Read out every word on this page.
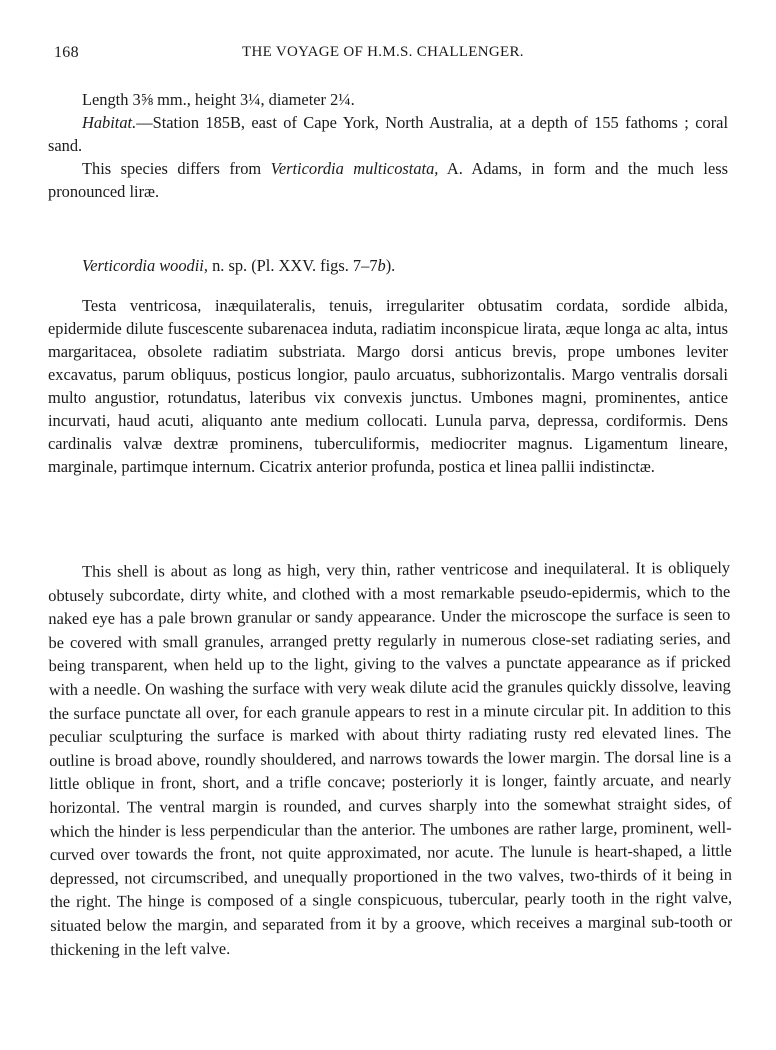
168	THE VOYAGE OF H.M.S. CHALLENGER.

Length 3⅝ mm., height 3¼, diameter 2¼.

Habitat.—Station 185B, east of Cape York, North Australia, at a depth of 155 fathoms ; coral sand.

This species differs from Verticordia multicostata, A. Adams, in form and the much less pronounced liræ.

Verticordia woodii, n. sp. (Pl. XXV. figs. 7–7b).

Testa ventricosa, inæquilateralis, tenuis, irregulariter obtusatim cordata, sordide albida, epidermide dilute fuscescente subarenacea induta, radiatim inconspicue lirata, æque longa ac alta, intus margaritacea, obsolete radiatim substriata. Margo dorsi anticus brevis, prope umbones leviter excavatus, parum obliquus, posticus longior, paulo arcuatus, subhorizontalis. Margo ventralis dorsali multo angustior, rotundatus, lateribus vix convexis junctus. Umbones magni, prominentes, antice incurvati, haud acuti, aliquanto ante medium collocati. Lunula parva, depressa, cordiformis. Dens cardinalis valvæ dextræ prominens, tuberculiformis, mediocriter magnus. Ligamentum lineare, marginale, partimque internum. Cicatrix anterior profunda, postica et linea pallii indistinctæ.

This shell is about as long as high, very thin, rather ventricose and inequilateral. It is obliquely obtusely subcordate, dirty white, and clothed with a most remarkable pseudo-epidermis, which to the naked eye has a pale brown granular or sandy appearance. Under the microscope the surface is seen to be covered with small granules, arranged pretty regularly in numerous close-set radiating series, and being transparent, when held up to the light, giving to the valves a punctate appearance as if pricked with a needle. On washing the surface with very weak dilute acid the granules quickly dissolve, leaving the surface punctate all over, for each granule appears to rest in a minute circular pit. In addition to this peculiar sculpturing the surface is marked with about thirty radiating rusty red elevated lines. The outline is broad above, roundly shouldered, and narrows towards the lower margin. The dorsal line is a little oblique in front, short, and a trifle concave; posteriorly it is longer, faintly arcuate, and nearly horizontal. The ventral margin is rounded, and curves sharply into the somewhat straight sides, of which the hinder is less perpendicular than the anterior. The umbones are rather large, prominent, well-curved over towards the front, not quite approximated, nor acute. The lunule is heart-shaped, a little depressed, not circumscribed, and unequally proportioned in the two valves, two-thirds of it being in the right. The hinge is composed of a single conspicuous, tubercular, pearly tooth in the right valve, situated below the margin, and separated from it by a groove, which receives a marginal sub-tooth or thickening in the left valve.
